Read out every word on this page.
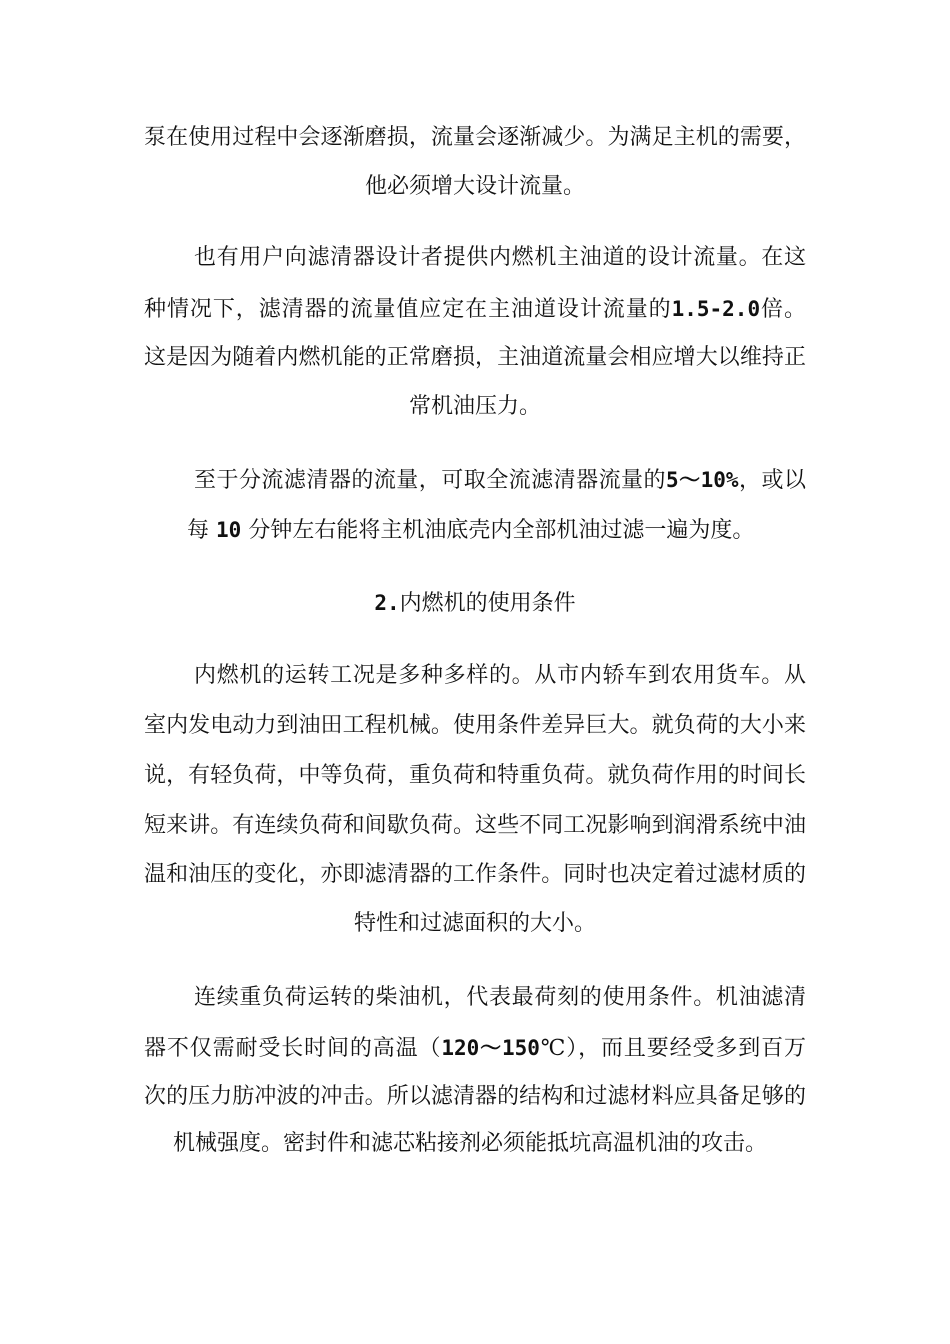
泵在使用过程中会逐渐磨损，流量会逐渐减少。为满足主机的需要，
他必须增大设计流量。
也有用户向滤清器设计者提供内燃机主油道的设计流量。在这
种情况下，滤清器的流量值应定在主油道设计流量的1.5-2.0倍。
这是因为随着内燃机能的正常磨损，主油道流量会相应增大以维持正
常机油压力。
至于分流滤清器的流量，可取全流滤清器流量的5～10%，或以
每 10 分钟左右能将主机油底壳内全部机油过滤一遍为度。
2.内燃机的使用条件
内燃机的运转工况是多种多样的。从市内轿车到农用货车。从
室内发电动力到油田工程机械。使用条件差异巨大。就负荷的大小来
说，有轻负荷，中等负荷，重负荷和特重负荷。就负荷作用的时间长
短来讲。有连续负荷和间歇负荷。这些不同工况影响到润滑系统中油
温和油压的变化，亦即滤清器的工作条件。同时也决定着过滤材质的
特性和过滤面积的大小。
连续重负荷运转的柴油机，代表最荷刻的使用条件。机油滤清
器不仅需耐受长时间的高温（120～150℃），而且要经受多到百万
次的压力肪冲波的冲击。所以滤清器的结构和过滤材料应具备足够的
机械强度。密封件和滤芯粘接剂必须能抵坑高温机油的攻击。
